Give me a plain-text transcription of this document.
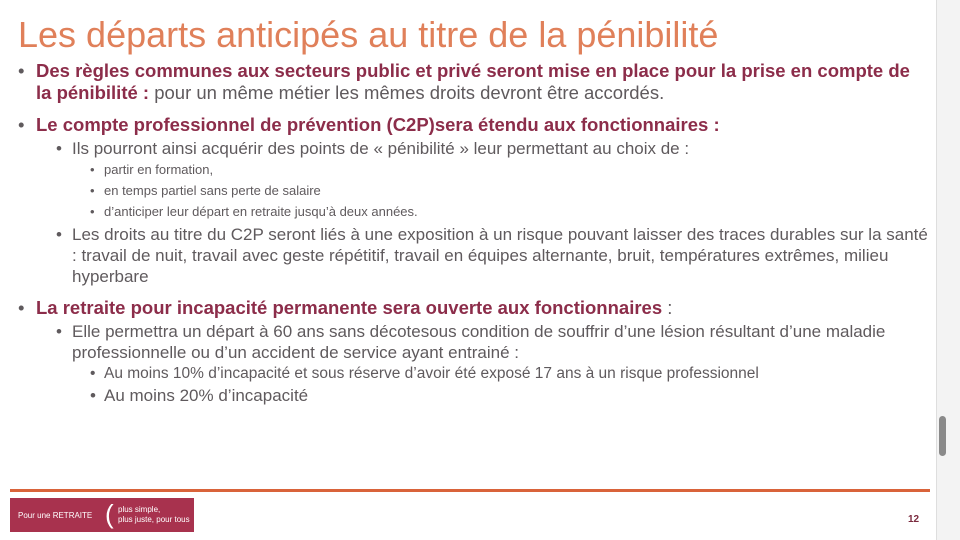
Les départs anticipés au titre de la pénibilité
• Des règles communes aux secteurs public et privé seront mise en place pour la prise en compte de la pénibilité : pour un même métier les mêmes droits devront être accordés.
• Le compte professionnel de prévention (C2P)sera étendu aux fonctionnaires :
• Ils pourront ainsi acquérir des points de « pénibilité » leur permettant au choix de :
• partir en formation,
• en temps partiel sans perte de salaire
• d’anticiper leur départ en retraite jusqu’à deux années.
• Les droits au titre du C2P seront liés à une exposition à un risque pouvant laisser des traces durables sur la santé : travail de nuit, travail avec geste répétitif, travail en équipes alternante, bruit, températures extrêmes, milieu hyperbare
• La retraite pour incapacité permanente sera ouverte aux fonctionnaires :
• Elle permettra un départ à 60 ans sans décotesous condition de souffrir d’une lésion résultant d’une maladie professionnelle ou d’un accident de service ayant entrainé :
• Au moins 10% d’incapacité et sous réserve d’avoir été exposé 17 ans à un risque professionnel
• Au moins 20% d’incapacité
Pour une RETRAITE ( plus simple,
plus juste, pour tous	12
